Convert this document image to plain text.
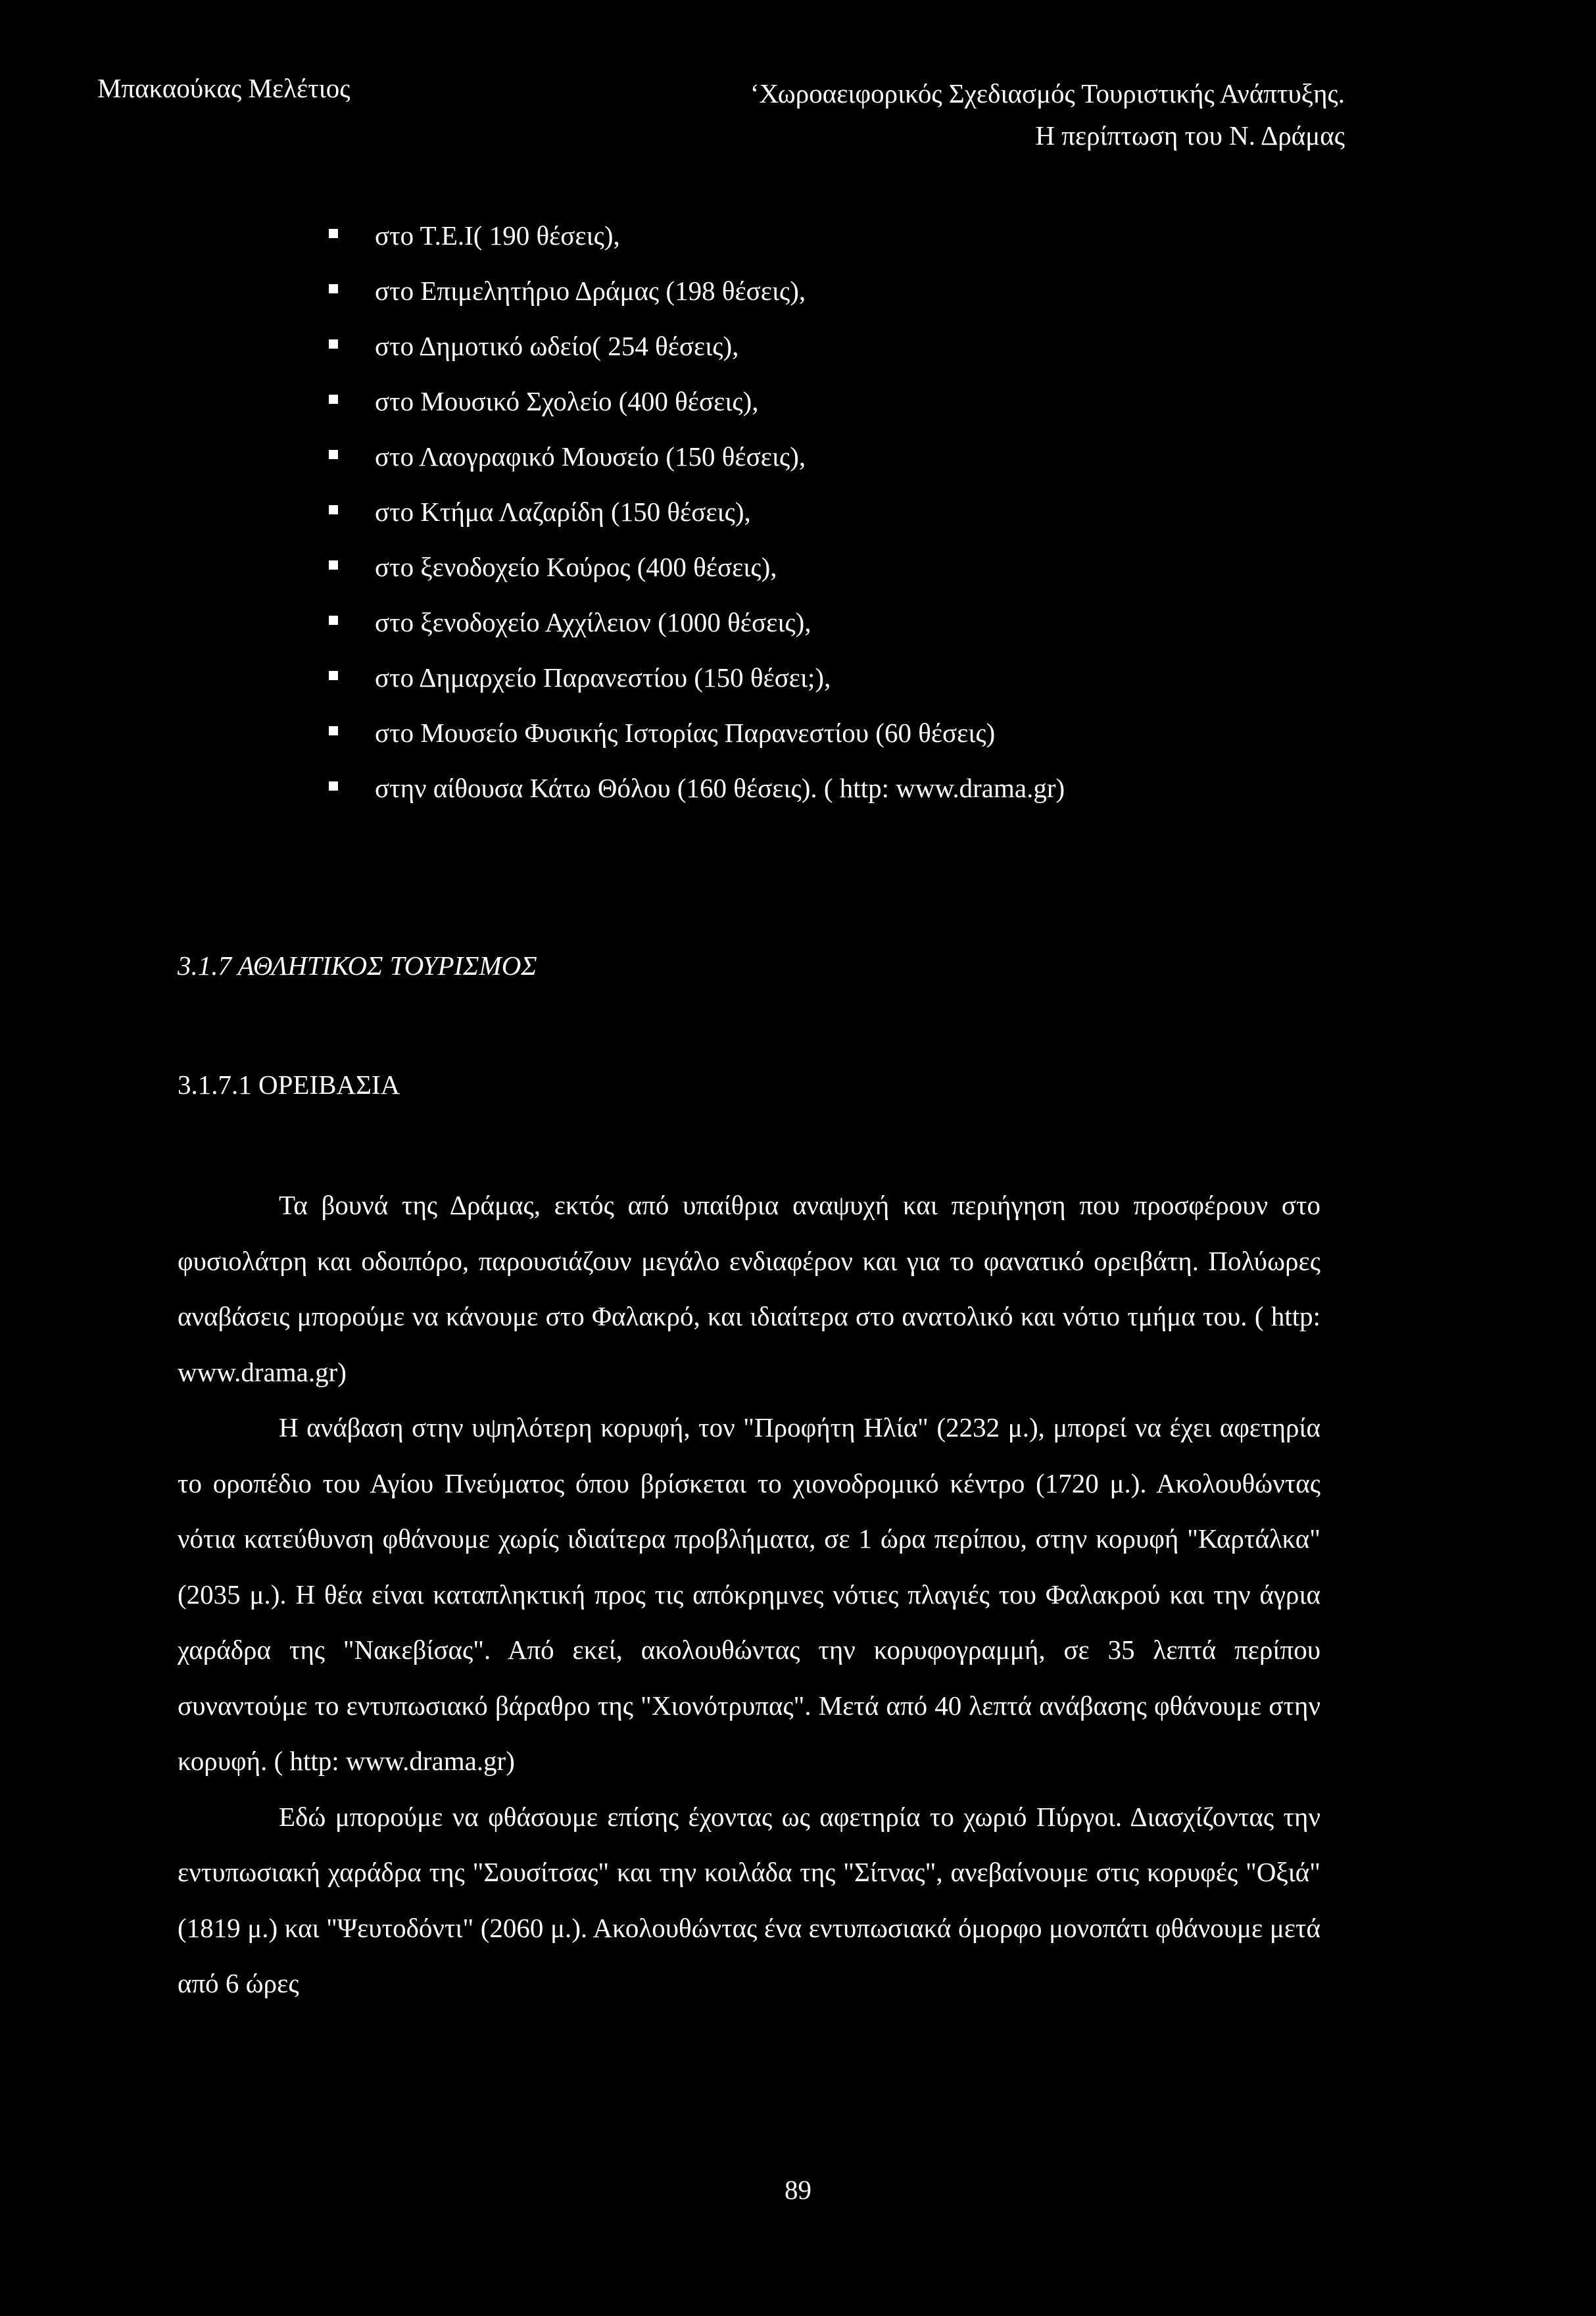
Μπακαούκας Μελέτιος	‘Χωροαειφορικός Σχεδιασμός Τουριστικής Ανάπτυξης.
Η περίπτωση του Ν. Δράμας
στο Τ.Ε.Ι( 190 θέσεις),
στο Επιμελητήριο Δράμας (198 θέσεις),
στο Δημοτικό ωδείο( 254 θέσεις),
στο Μουσικό Σχολείο (400 θέσεις),
στο Λαογραφικό Μουσείο (150 θέσεις),
στο Κτήμα Λαζαρίδη (150 θέσεις),
στο ξενοδοχείο Κούρος (400 θέσεις),
στο ξενοδοχείο Αχχίλειον (1000 θέσεις),
στο Δημαρχείο Παρανεστίου (150 θέσει;),
στο Μουσείο Φυσικής Ιστορίας Παρανεστίου (60 θέσεις)
στην αίθουσα Κάτω Θόλου (160 θέσεις). ( http: www.drama.gr)
3.1.7 ΑΘΛΗΤΙΚΟΣ ΤΟΥΡΙΣΜΟΣ
3.1.7.1 ΟΡΕΙΒΑΣΙΑ

Τα βουνά της Δράμας, εκτός από υπαίθρια αναψυχή και περιήγηση που προσφέρουν στο φυσιολάτρη και οδοιπόρο, παρουσιάζουν μεγάλο ενδιαφέρον και για το φανατικό ορειβάτη. Πολύωρες αναβάσεις μπορούμε να κάνουμε στο Φαλακρό, και ιδιαίτερα στο ανατολικό και νότιο τμήμα του. ( http: www.drama.gr)

Η ανάβαση στην υψηλότερη κορυφή, τον "Προφήτη Ηλία" (2232 μ.), μπορεί να έχει αφετηρία το οροπέδιο του Αγίου Πνεύματος όπου βρίσκεται το χιονοδρομικό κέντρο (1720 μ.). Ακολουθώντας νότια κατεύθυνση φθάνουμε χωρίς ιδιαίτερα προβλήματα, σε 1 ώρα περίπου, στην κορυφή "Καρτάλκα" (2035 μ.). Η θέα είναι καταπληκτική προς τις απόκρημνες νότιες πλαγιές του Φαλακρού και την άγρια χαράδρα της "Νακεβίσας". Από εκεί, ακολουθώντας την κορυφογραμμή, σε 35 λεπτά περίπου συναντούμε το εντυπωσιακό βάραθρο της "Χιονότρυπας". Μετά από 40 λεπτά ανάβασης φθάνουμε στην κορυφή. ( http: www.drama.gr)

Εδώ μπορούμε να φθάσουμε επίσης έχοντας ως αφετηρία το χωριό Πύργοι. Διασχίζοντας την εντυπωσιακή χαράδρα της "Σουσίτσας" και την κοιλάδα της "Σίτνας", ανεβαίνουμε στις κορυφές "Οξιά" (1819 μ.) και "Ψευτοδόντι" (2060 μ.). Ακολουθώντας ένα εντυπωσιακά όμορφο μονοπάτι φθάνουμε μετά από 6 ώρες

89
